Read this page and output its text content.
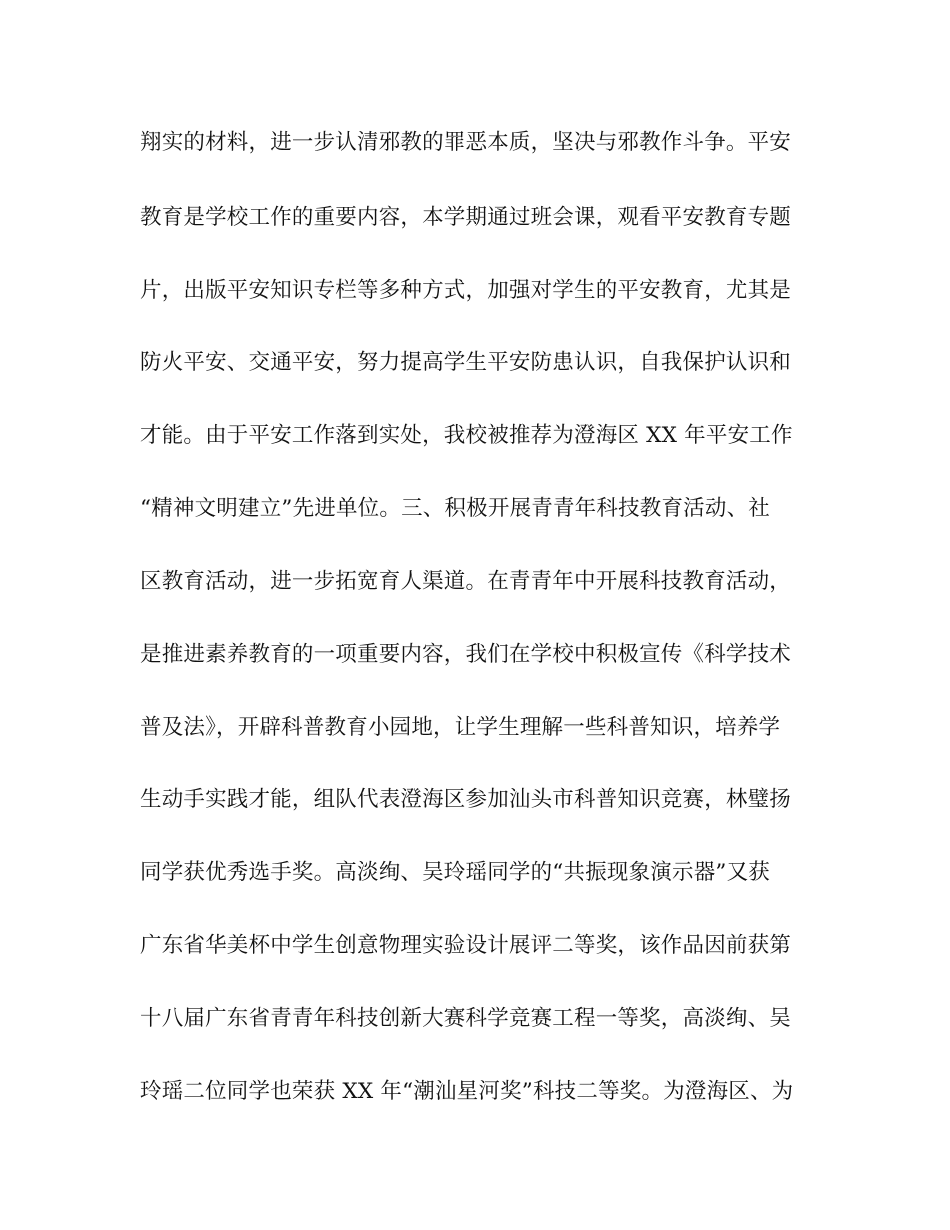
翔实的材料，进一步认清邪教的罪恶本质，坚决与邪教作斗争。平安
教育是学校工作的重要内容，本学期通过班会课，观看平安教育专题
片，出版平安知识专栏等多种方式，加强对学生的平安教育，尤其是
防火平安、交通平安，努力提高学生平安防患认识，自我保护认识和
才能。由于平安工作落到实处，我校被推荐为澄海区 XX 年平安工作
“精神文明建立”先进单位。三、积极开展青青年科技教育活动、社
区教育活动，进一步拓宽育人渠道。在青青年中开展科技教育活动，
是推进素养教育的一项重要内容，我们在学校中积极宣传《科学技术
普及法》，开辟科普教育小园地，让学生理解一些科普知识，培养学
生动手实践才能，组队代表澄海区参加汕头市科普知识竞赛，林璧扬
同学获优秀选手奖。高淡绚、吴玲瑶同学的“共振现象演示器”又获
广东省华美杯中学生创意物理实验设计展评二等奖，该作品因前获第
十八届广东省青青年科技创新大赛科学竞赛工程一等奖，高淡绚、吴
玲瑶二位同学也荣获 XX 年“潮汕星河奖”科技二等奖。为澄海区、为
